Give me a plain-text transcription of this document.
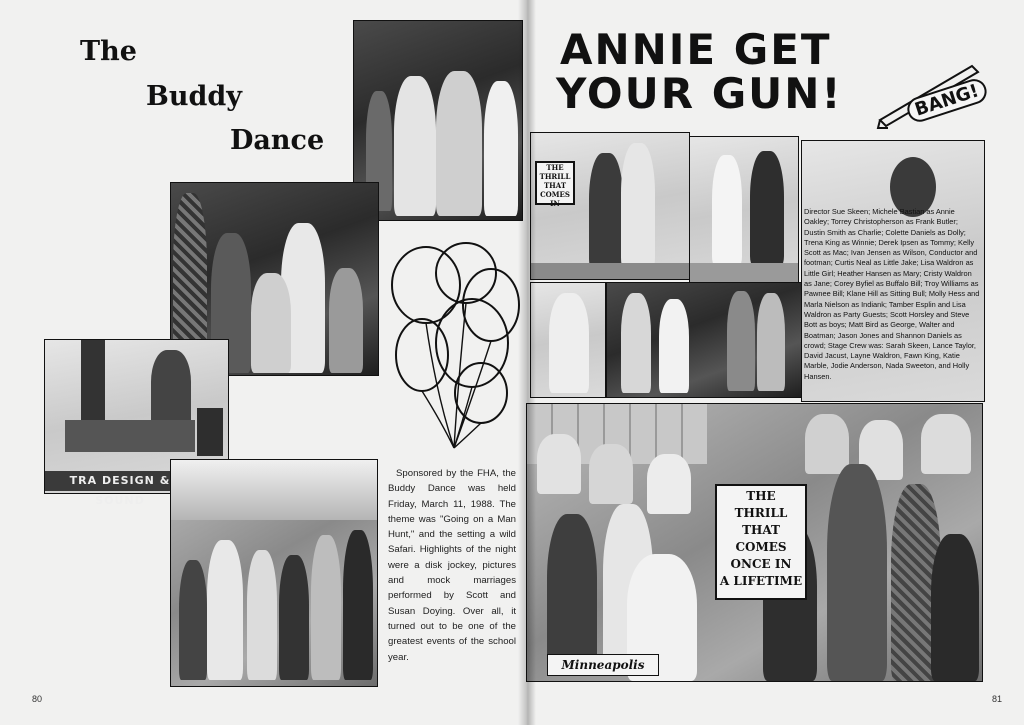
The
Buddy
Dance
TRA DESIGN & SOUND
Sponsored by the FHA, the Buddy Dance was held Friday, March 11, 1988. The theme was "Going on a Man Hunt," and the setting a wild Safari. Highlights of the night were a disk jockey, pictures and mock marriages performed by Scott and Susan Doying. Over all, it turned out to be one of the greatest events of the school year.
80
ANNIE GET
YOUR GUN!	BANG!
THE THRILL THAT COMES IN
Director Sue Skeen; Michele Bastian as Annie Oakley; Torrey Christopherson as Frank Butler; Dustin Smith as Charlie; Colette Daniels as Dolly; Trena King as Winnie; Derek Ipsen as Tommy; Kelly Scott as Mac; Ivan Jensen as Wilson, Conductor and footman; Curtis Neal as Little Jake; Lisa Waldron as Little Girl; Heather Hansen as Mary; Cristy Waldron as Jane; Corey Byfiel as Buffalo Bill; Troy Williams as Pawnee Bill; Klane Hill as Sitting Bull; Molly Hess and Marla Nielson as Indiank; Tamber Esplin and Lisa Waldron as Party Guests; Scott Horsley and Steve Bott as boys; Matt Bird as George, Walter and Boatman; Jason Jones and Shannon Daniels as crowd; Stage Crew was: Sarah Skeen, Lance Taylor, David Jacust, Layne Waldron, Fawn King, Katie Marble, Jodie Anderson, Nada Sweeton, and Holly Hansen.
THE
THRILL
THAT
COMES
ONCE IN
A LIFETIME
Minneapolis
81
